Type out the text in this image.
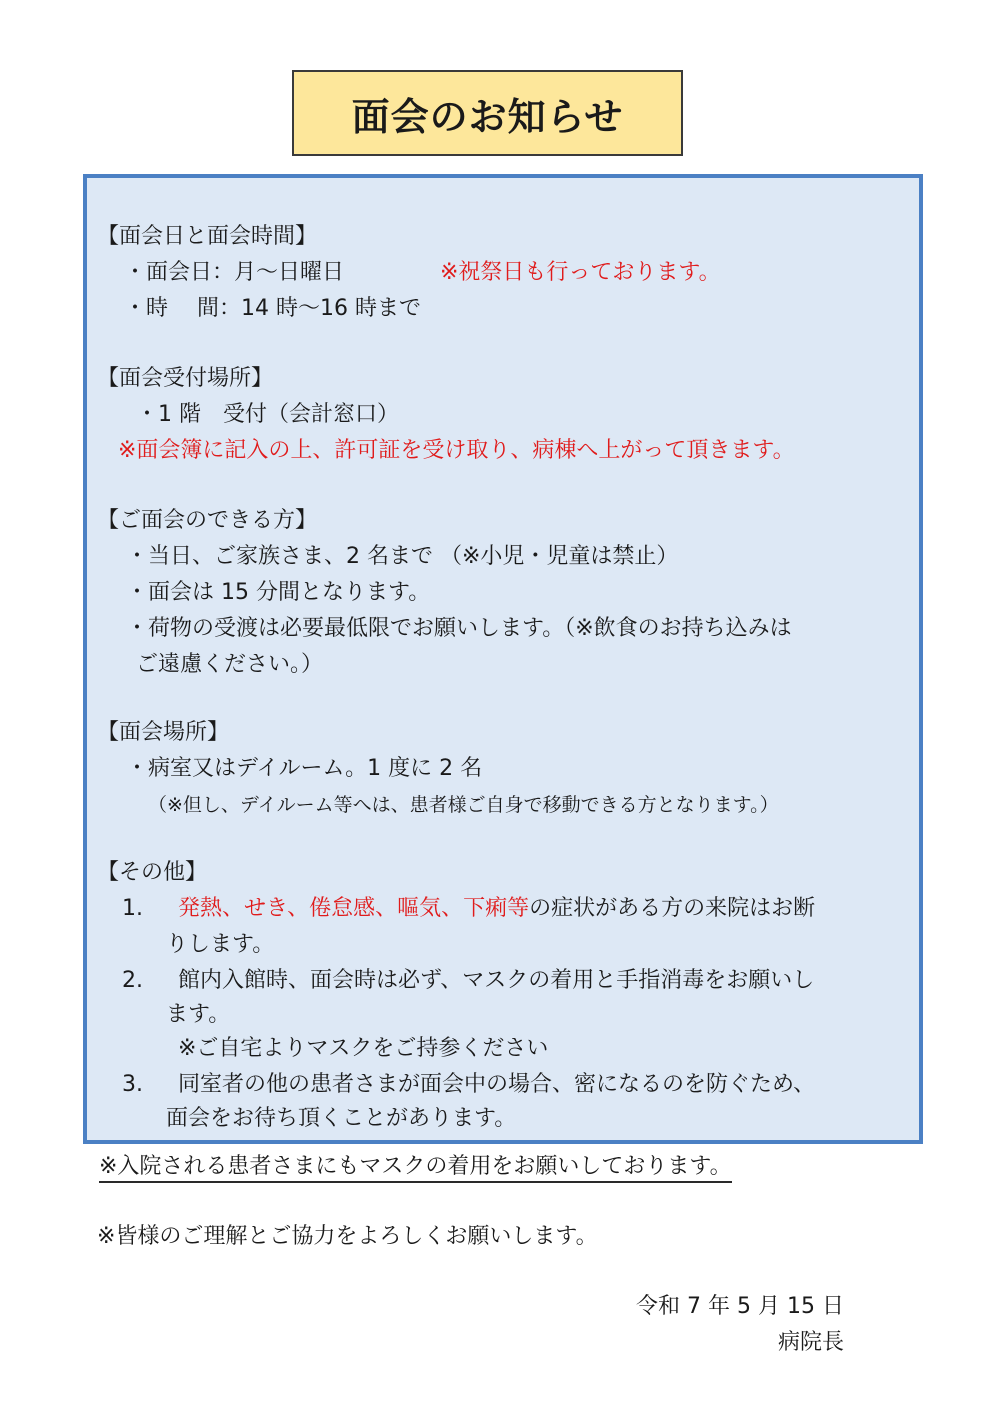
面会のお知らせ
【面会日と面会時間】
・面会日：月～日曜日	※祝祭日も行っております。
・時　 間：14 時～16 時まで
【面会受付場所】
・1 階　受付（会計窓口）
※面会簿に記入の上、許可証を受け取り、病棟へ上がって頂きます。
【ご面会のできる方】
・当日、ご家族さま、2 名まで （※小児・児童は禁止）
・面会は 15 分間となります。
・荷物の受渡は必要最低限でお願いします。（※飲食のお持ち込みは
ご遠慮ください。）
【面会場所】
・病室又はデイルーム。1 度に 2 名
（※但し、デイルーム等へは、患者様ご自身で移動できる方となります。）
【その他】
1. 発熱、せき、倦怠感、嘔気、下痢等の症状がある方の来院はお断
りします。
2. 館内入館時、面会時は必ず、マスクの着用と手指消毒をお願いし
ます。
※ご自宅よりマスクをご持参ください
3. 同室者の他の患者さまが面会中の場合、密になるのを防ぐため、
面会をお待ち頂くことがあります。
※入院される患者さまにもマスクの着用をお願いしております。
※皆様のご理解とご協力をよろしくお願いします。
令和 7 年 5 月 15 日
病院長
